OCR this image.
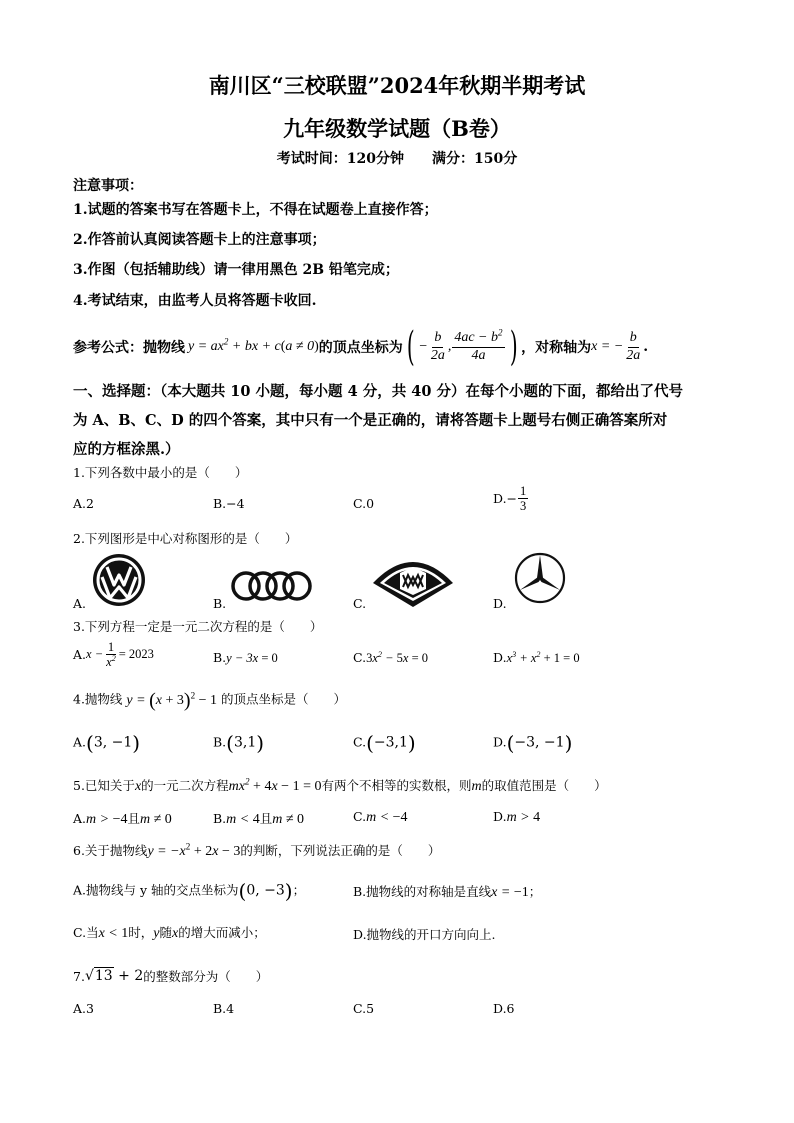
南川区“三校联盟”2024年秋期半期考试
九年级数学试题（B卷）
考试时间：120分钟　　满分：150分
注意事项：
1.试题的答案书写在答题卡上，不得在试题卷上直接作答；
2.作答前认真阅读答题卡上的注意事项；
3.作图（包括辅助线）请一律用黑色 2B 铅笔完成；
4.考试结束，由监考人员将答题卡收回.
参考公式：抛物线 $y = ax^2$ + bx + c(a ≠ 0) 的顶点坐标为 ( − $\frac{b}{2a}$ , $\frac{4ac - b^2}{4a}$ ) ，对称轴为 x = − $\frac{b}{2a}$ .
一、选择题：（本大题共 10 小题，每小题 4 分，共 40 分）在每个小题的下面，都给出了代号
为 A、B、C、D 的四个答案，其中只有一个是正确的，请将答题卡上题号右侧正确答案所对
应的方框涂黑.）
1.下列各数中最小的是（　　）
A.2	B.−4	C.0	$D.- \frac{1}{3}$
2.下列图形是中心对称图形的是（　　）
A.	B.	C.	D.
3.下列方程一定是一元二次方程的是（　　）
A. $x - \frac{1}{x^2} = 2023$	B.y − 3x = 0	$C.3x^2 - 5x = 0$	$D.x^3 + x^2 + 1 = 0$
4.抛物线 $y = (x + 3)^2 - 1$ 的顶点坐标是（　　）
A.(3, −1)	B.(3,1)	C.(−3,1)	D.(−3, −1)
5.已知关于x的一元二次方程$mx^2 + 4x - 1 = 0$有两个不相等的实数根，则m的取值范围是（　　）
A.m > −4且m ≠ 0	B.m < 4且m ≠ 0	C.m < −4	D.m > 4
6.关于抛物线$y = -x^2 + 2x - 3$的判断，下列说法正确的是（　　）
A.抛物线与 y 轴的交点坐标为(0, −3)；	B.抛物线的对称轴是直线x = −1；
C.当x < 1时，y随x的增大而减小；	D.抛物线的开口方向向上.
7. √13 + 2 的整数部分为（　　）
A.3	B.4	C.5	D.6
